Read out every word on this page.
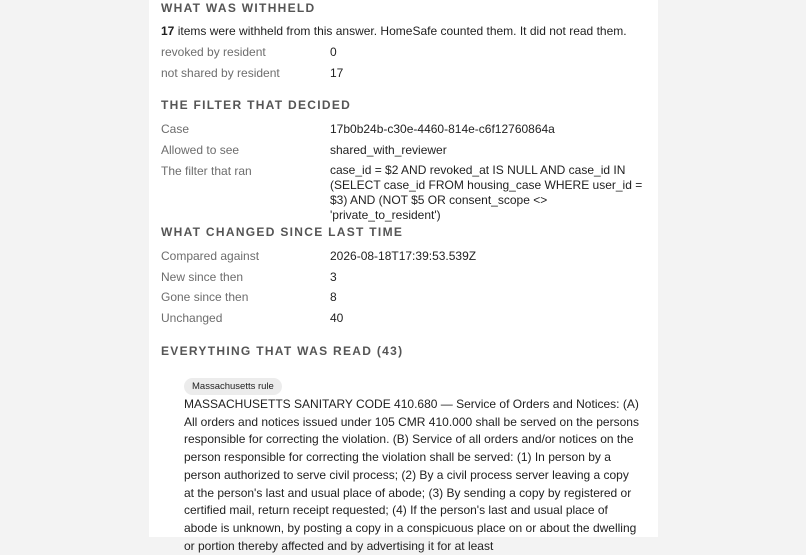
WHAT WAS WITHHELD
17 items were withheld from this answer. HomeSafe counted them. It did not read them.
revoked by resident	0
not shared by resident	17
THE FILTER THAT DECIDED
Case	17b0b24b-c30e-4460-814e-c6f12760864a
Allowed to see	shared_with_reviewer
The filter that ran	case_id = $2 AND revoked_at IS NULL AND case_id IN (SELECT case_id FROM housing_case WHERE user_id = $3) AND (NOT $5 OR consent_scope <> 'private_to_resident')
WHAT CHANGED SINCE LAST TIME
Compared against	2026-08-18T17:39:53.539Z
New since then	3
Gone since then	8
Unchanged	40
EVERYTHING THAT WAS READ (43)
Massachusetts rule
MASSACHUSETTS SANITARY CODE 410.680 — Service of Orders and Notices: (A) All orders and notices issued under 105 CMR 410.000 shall be served on the persons responsible for correcting the violation. (B) Service of all orders and/or notices on the person responsible for correcting the violation shall be served: (1) In person by a person authorized to serve civil process; (2) By a civil process server leaving a copy at the person's last and usual place of abode; (3) By sending a copy by registered or certified mail, return receipt requested; (4) If the person's last and usual place of abode is unknown, by posting a copy in a conspicuous place on or about the dwelling or portion thereby affected and by advertising it for at least
